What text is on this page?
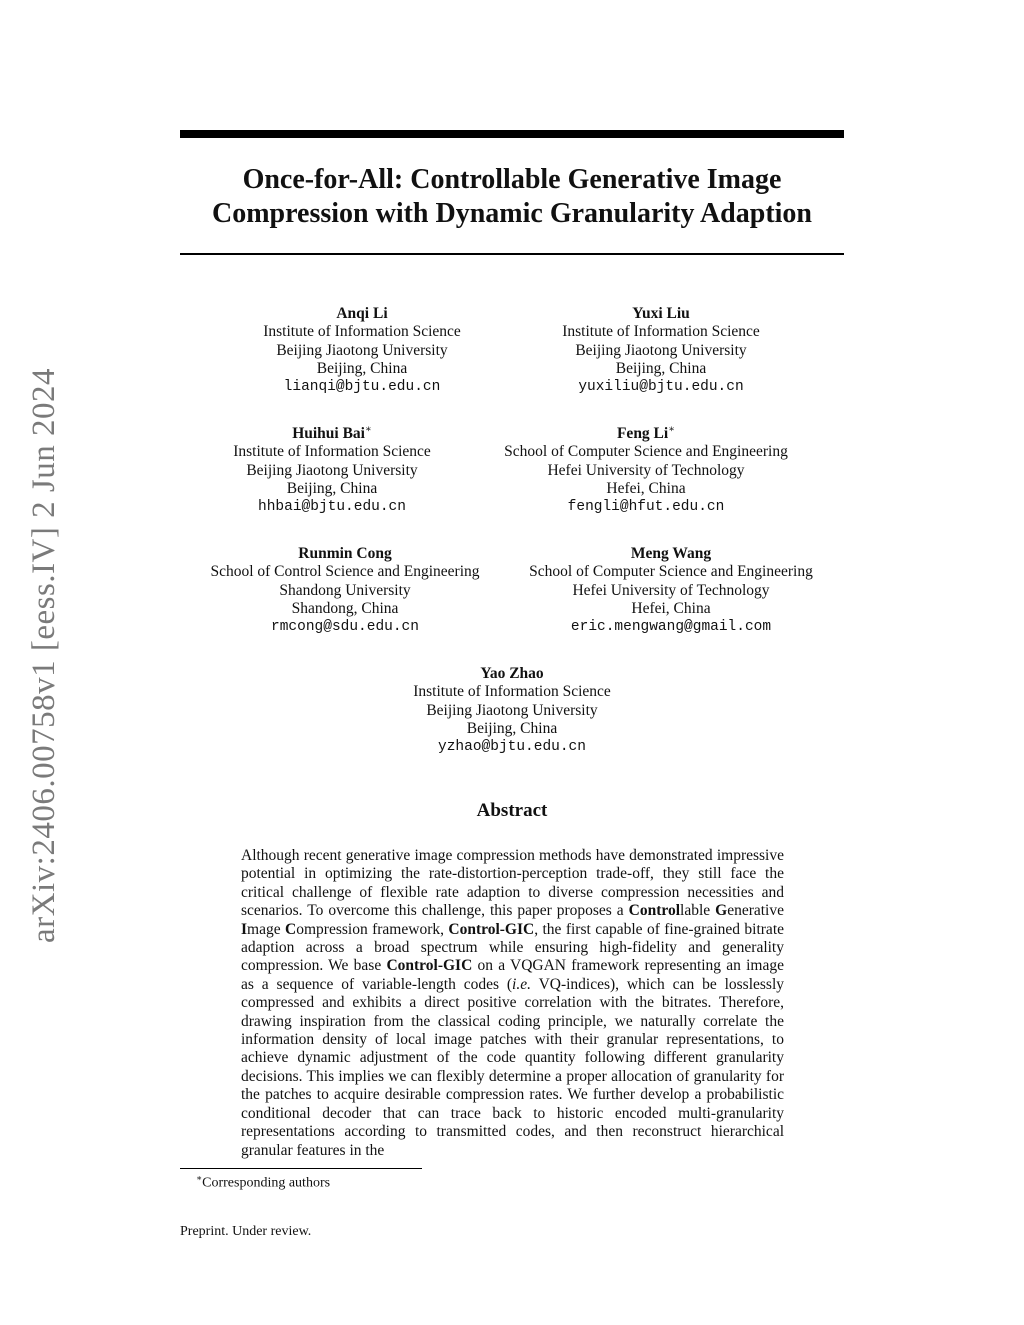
arXiv:2406.00758v1 [eess.IV] 2 Jun 2024
Once-for-All: Controllable Generative Image
Compression with Dynamic Granularity Adaption
Anqi Li
Institute of Information Science
Beijing Jiaotong University
Beijing, China
lianqi@bjtu.edu.cn
Yuxi Liu
Institute of Information Science
Beijing Jiaotong University
Beijing, China
yuxiliu@bjtu.edu.cn
Huihui Bai∗
Institute of Information Science
Beijing Jiaotong University
Beijing, China
hhbai@bjtu.edu.cn
Feng Li∗
School of Computer Science and Engineering
Hefei University of Technology
Hefei, China
fengli@hfut.edu.cn
Runmin Cong
School of Control Science and Engineering
Shandong University
Shandong, China
rmcong@sdu.edu.cn
Meng Wang
School of Computer Science and Engineering
Hefei University of Technology
Hefei, China
eric.mengwang@gmail.com
Yao Zhao
Institute of Information Science
Beijing Jiaotong University
Beijing, China
yzhao@bjtu.edu.cn
Abstract

Although recent generative image compression methods have demonstrated impressive potential in optimizing the rate-distortion-perception trade-off, they still face the critical challenge of flexible rate adaption to diverse compression necessities and scenarios. To overcome this challenge, this paper proposes a Controllable Generative Image Compression framework, Control-GIC, the first capable of fine-grained bitrate adaption across a broad spectrum while ensuring high-fidelity and generality compression. We base Control-GIC on a VQGAN framework representing an image as a sequence of variable-length codes (i.e. VQ-indices), which can be losslessly compressed and exhibits a direct positive correlation with the bitrates. Therefore, drawing inspiration from the classical coding principle, we naturally correlate the information density of local image patches with their granular representations, to achieve dynamic adjustment of the code quantity following different granularity decisions. This implies we can flexibly determine a proper allocation of granularity for the patches to acquire desirable compression rates. We further develop a probabilistic conditional decoder that can trace back to historic encoded multi-granularity representations according to transmitted codes, and then reconstruct hierarchical granular features in the

∗Corresponding authors
Preprint. Under review.
